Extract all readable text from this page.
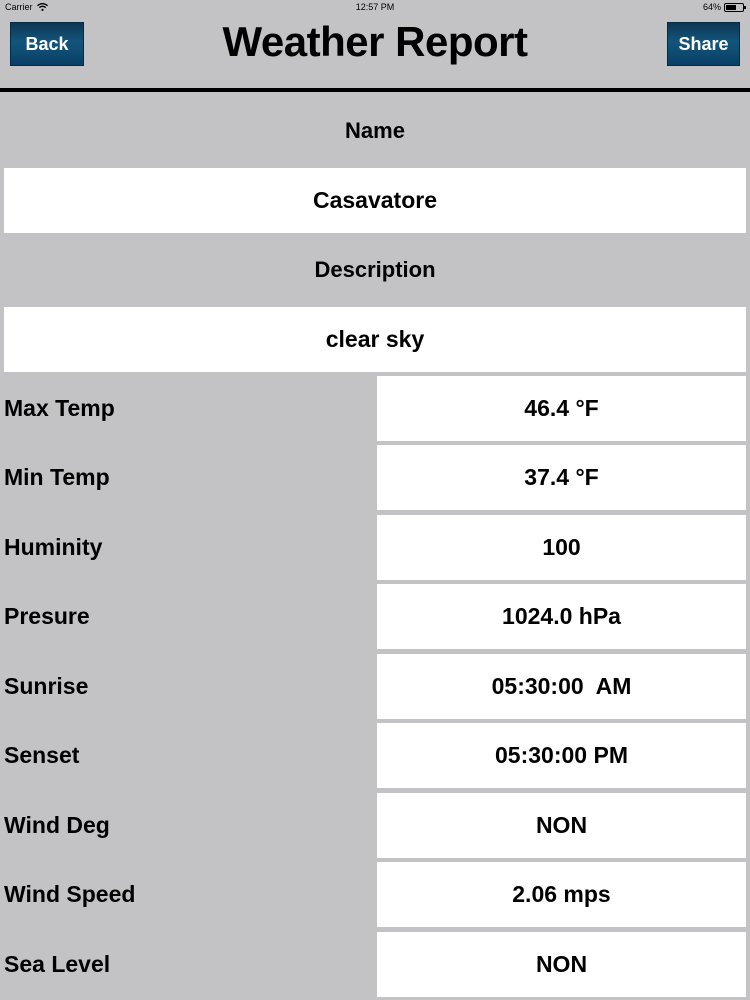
Carrier	12:57 PM	64%
Back	Weather Report	Share
Name
Casavatore
Description
clear sky
Max Temp	46.4 °F
Min Temp	37.4 °F
Huminity	100
Presure	1024.0 hPa
Sunrise	05:30:00  AM
Senset	05:30:00 PM
Wind Deg	NON
Wind Speed	2.06 mps
Sea Level	NON
